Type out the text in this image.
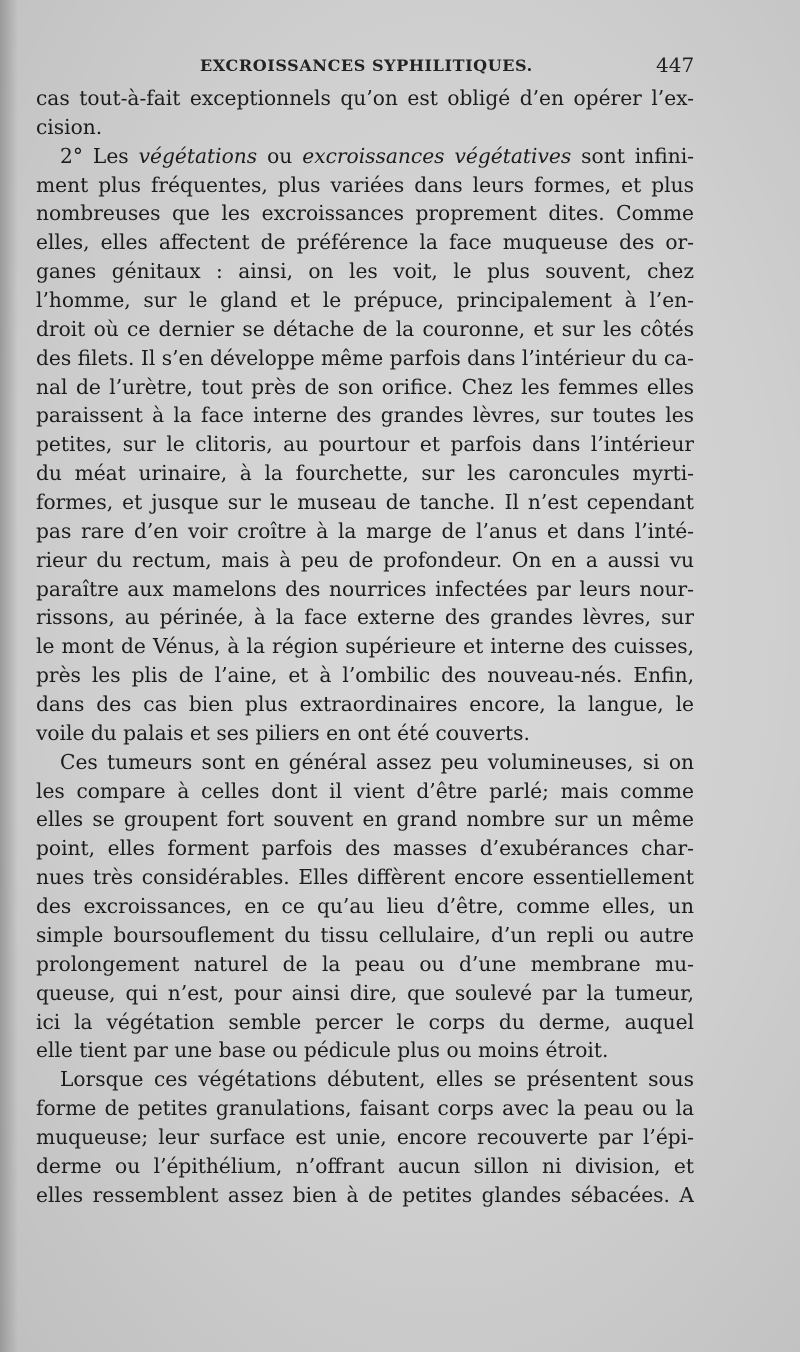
EXCROISSANCES SYPHILITIQUES.	447
cas tout-à-fait exceptionnels qu’on est obligé d’en opérer l’ex-
cision.
2° Les végétations ou excroissances végétatives sont infini-
ment plus fréquentes, plus variées dans leurs formes, et plus
nombreuses que les excroissances proprement dites. Comme
elles, elles affectent de préférence la face muqueuse des or-
ganes génitaux : ainsi, on les voit, le plus souvent, chez
l’homme, sur le gland et le prépuce, principalement à l’en-
droit où ce dernier se détache de la couronne, et sur les côtés
des filets. Il s’en développe même parfois dans l’intérieur du ca-
nal de l’urètre, tout près de son orifice. Chez les femmes elles
paraissent à la face interne des grandes lèvres, sur toutes les
petites, sur le clitoris, au pourtour et parfois dans l’intérieur
du méat urinaire, à la fourchette, sur les caroncules myrti-
formes, et jusque sur le museau de tanche. Il n’est cependant
pas rare d’en voir croître à la marge de l’anus et dans l’inté-
rieur du rectum, mais à peu de profondeur. On en a aussi vu
paraître aux mamelons des nourrices infectées par leurs nour-
rissons, au périnée, à la face externe des grandes lèvres, sur
le mont de Vénus, à la région supérieure et interne des cuisses,
près les plis de l’aine, et à l’ombilic des nouveau-nés. Enfin,
dans des cas bien plus extraordinaires encore, la langue, le
voile du palais et ses piliers en ont été couverts.
Ces tumeurs sont en général assez peu volumineuses, si on
les compare à celles dont il vient d’être parlé; mais comme
elles se groupent fort souvent en grand nombre sur un même
point, elles forment parfois des masses d’exubérances char-
nues très considérables. Elles diffèrent encore essentiellement
des excroissances, en ce qu’au lieu d’être, comme elles, un
simple boursouflement du tissu cellulaire, d’un repli ou autre
prolongement naturel de la peau ou d’une membrane mu-
queuse, qui n’est, pour ainsi dire, que soulevé par la tumeur,
ici la végétation semble percer le corps du derme, auquel
elle tient par une base ou pédicule plus ou moins étroit.
Lorsque ces végétations débutent, elles se présentent sous
forme de petites granulations, faisant corps avec la peau ou la
muqueuse; leur surface est unie, encore recouverte par l’épi-
derme ou l’épithélium, n’offrant aucun sillon ni division, et
elles ressemblent assez bien à de petites glandes sébacées. A
